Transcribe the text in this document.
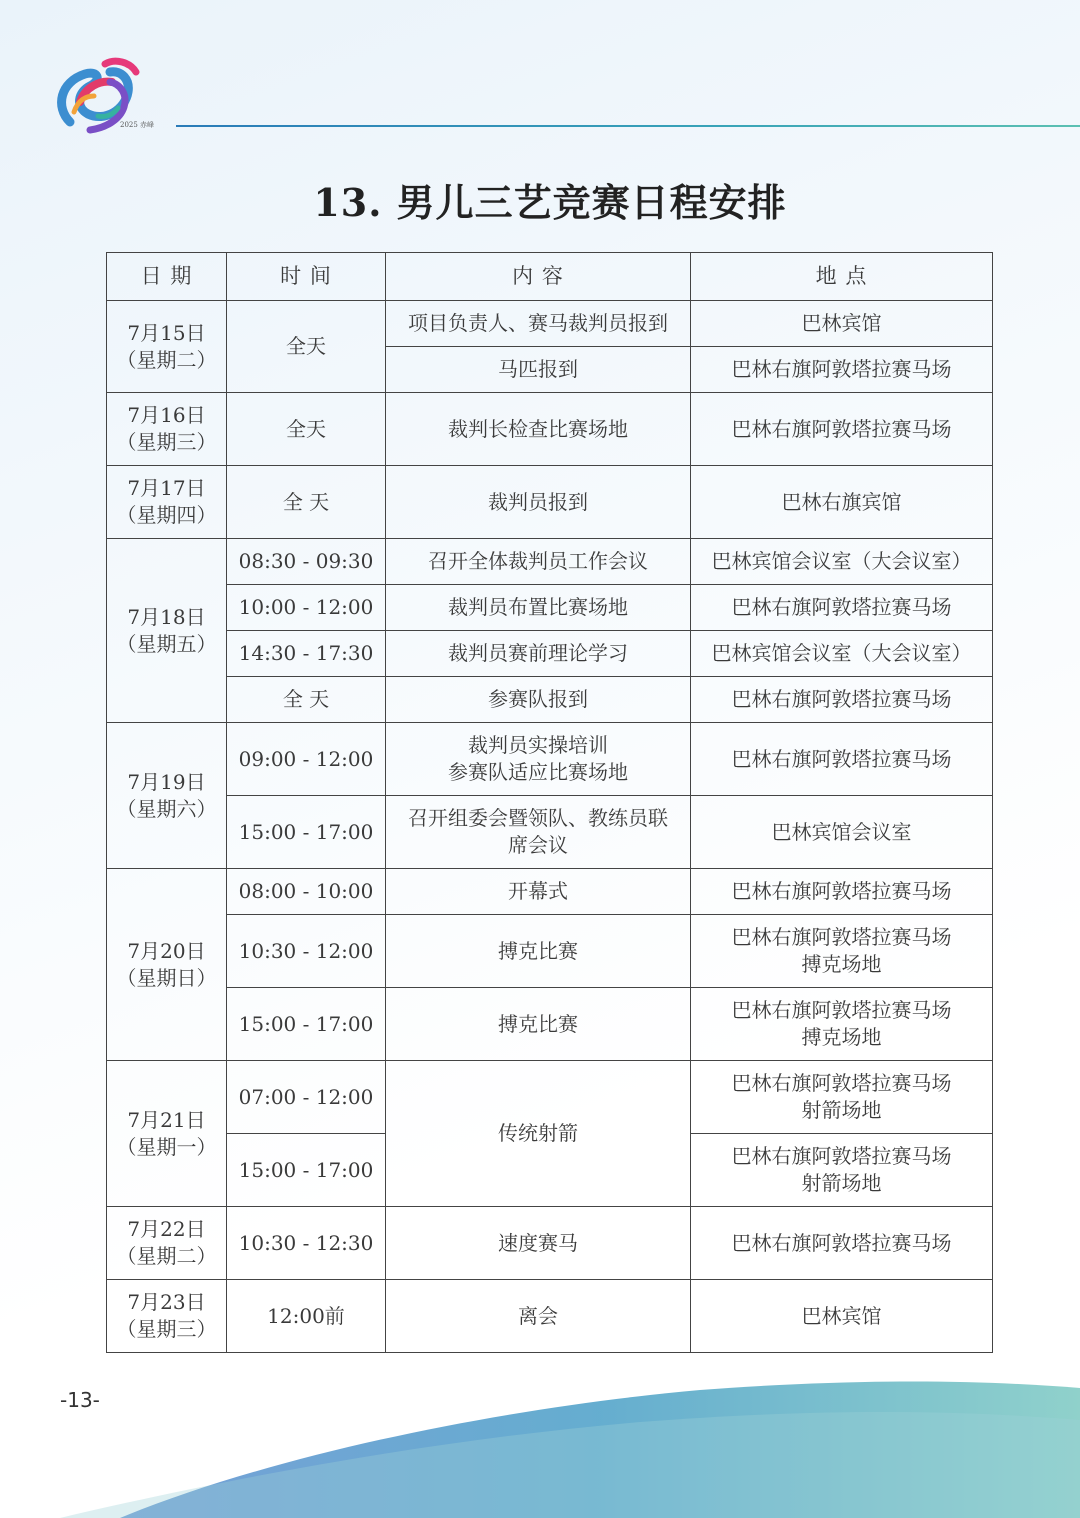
2025 赤峰
13. 男儿三艺竞赛日程安排
日 期	时 间	内 容	地 点

7月15日
（星期二）	全天	项目负责人、赛马裁判员报到	巴林宾馆
		马匹报到	巴林右旗阿敦塔拉赛马场

7月16日
（星期三）	全天	裁判长检查比赛场地	巴林右旗阿敦塔拉赛马场

7月17日
（星期四）	全 天	裁判员报到	巴林右旗宾馆

7月18日
（星期五）	08:30 - 09:30	召开全体裁判员工作会议	巴林宾馆会议室（大会议室）
	10:00 - 12:00	裁判员布置比赛场地	巴林右旗阿敦塔拉赛马场
	14:30 - 17:30	裁判员赛前理论学习	巴林宾馆会议室（大会议室）
	全 天	参赛队报到	巴林右旗阿敦塔拉赛马场

7月19日
（星期六）	09:00 - 12:00	裁判员实操培训
参赛队适应比赛场地	巴林右旗阿敦塔拉赛马场
	15:00 - 17:00	召开组委会暨领队、教练员联
席会议	巴林宾馆会议室

7月20日
（星期日）	08:00 - 10:00	开幕式	巴林右旗阿敦塔拉赛马场
	10:30 - 12:00	搏克比赛	巴林右旗阿敦塔拉赛马场
搏克场地

	15:00 - 17:00	搏克比赛	巴林右旗阿敦塔拉赛马场
搏克场地

7月21日
（星期一）	07:00 - 12:00	传统射箭	巴林右旗阿敦塔拉赛马场
射箭场地

	15:00 - 17:00		巴林右旗阿敦塔拉赛马场
射箭场地

7月22日
（星期二）	10:30 - 12:30	速度赛马	巴林右旗阿敦塔拉赛马场

7月23日
（星期三）	12:00前	离会	巴林宾馆
-13-
